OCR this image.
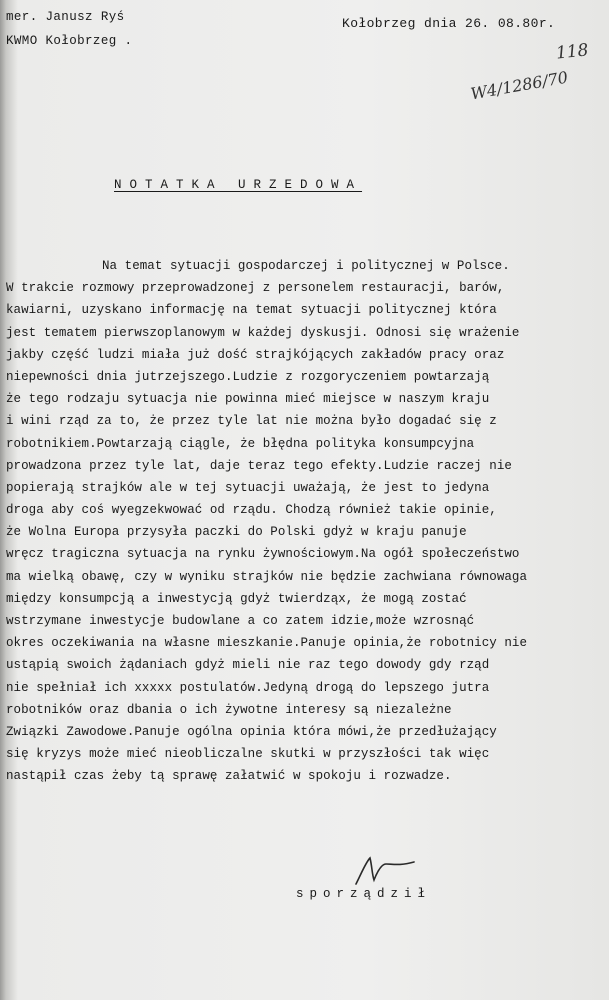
mer. Janusz Ryś
KWMO Kołobrzeg .
Kołobrzeg dnia 26. 08.80r.
118
W4/1286/70
NOTATKA URZEDOWA
Na temat sytuacji gospodarczej i politycznej w Polsce.
W trakcie rozmowy przeprowadzonej z personelem restauracji, barów,
kawiarni, uzyskano informację na temat sytuacji politycznej która
jest tematem pierwszoplanowym w każdej dyskusji. Odnosi się wrażenie
jakby część ludzi miała już dość strajkójących zakładów pracy oraz
niepewności dnia jutrzejszego.Ludzie z rozgoryczeniem powtarzają
że tego rodzaju sytuacja nie powinna mieć miejsce w naszym kraju
i wini rząd za to, że przez tyle lat nie można było dogadać się z
robotnikiem.Powtarzają ciągle, że błędna polityka konsumpcyjna
prowadzona przez tyle lat, daje teraz tego efekty.Ludzie raczej nie
popierają strajków ale w tej sytuacji uważają, że jest to jedyna
droga aby coś wyegzekwować od rządu. Chodzą również takie opinie,
że Wolna Europa przysyła paczki do Polski gdyż w kraju panuje
wręcz tragiczna sytuacja na rynku żywnościowym.Na ogół społeczeństwo
ma wielką obawę, czy w wyniku strajków nie będzie zachwiana równowaga
między konsumpcją a inwestycją gdyż twierdząx, że mogą zostać
wstrzymane inwestycje budowlane a co zatem idzie,może wzrosnąć
okres oczekiwania na własne mieszkanie.Panuje opinia,że robotnicy nie
ustąpią swoich żądaniach gdyż mieli nie raz tego dowody gdy rząd
nie spełniał ich xxxxx postulatów.Jedyną drogą do lepszego jutra
robotników oraz dbania o ich żywotne interesy są niezależne
Związki Zawodowe.Panuje ogólna opinia która mówi,że przedłużający
się kryzys może mieć nieobliczalne skutki w przyszłości tak więc
nastąpił czas żeby tą sprawę załatwić w spokoju i rozwadze.
sporządził
